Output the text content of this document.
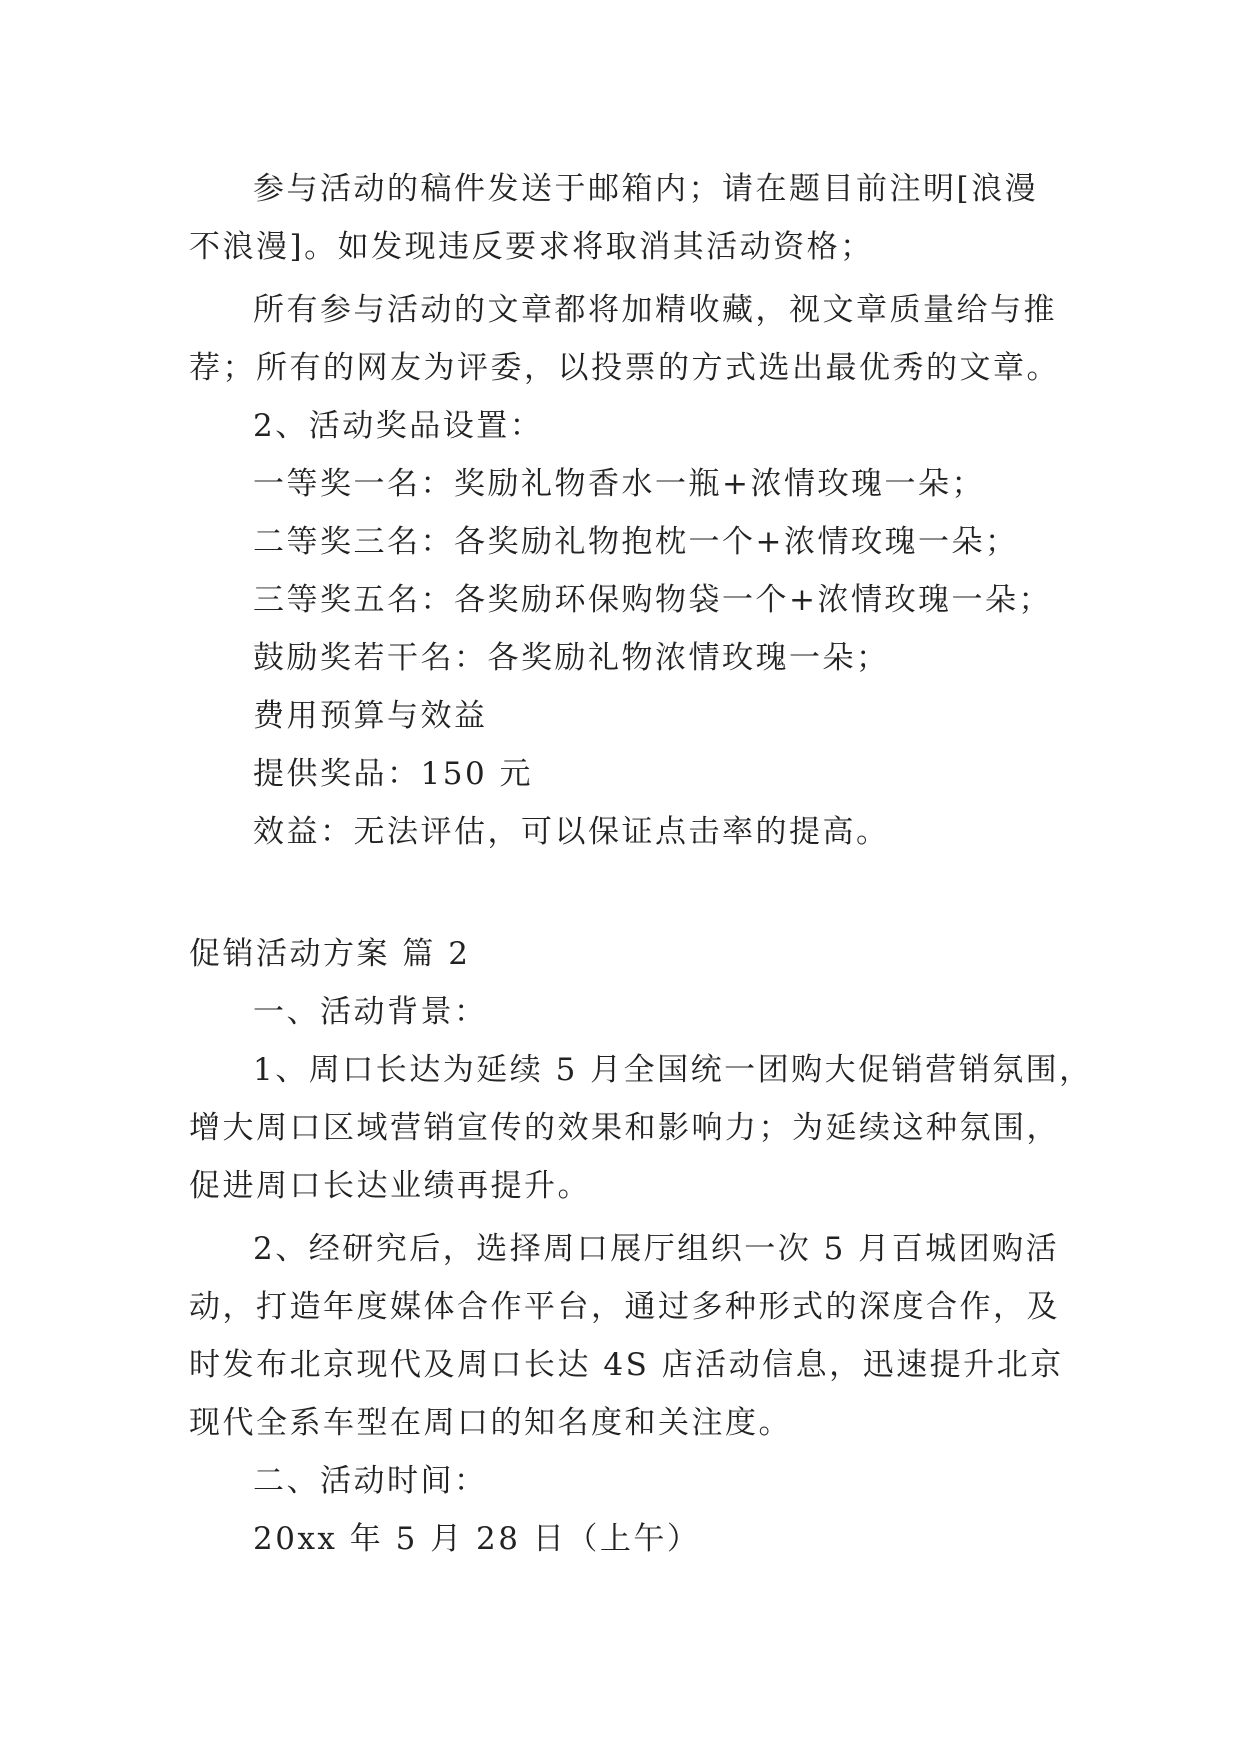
参与活动的稿件发送于邮箱内；请在题目前注明[浪漫
不浪漫]。如发现违反要求将取消其活动资格；
所有参与活动的文章都将加精收藏，视文章质量给与推
荐；所有的网友为评委，以投票的方式选出最优秀的文章。
2、活动奖品设置：
一等奖一名：奖励礼物香水一瓶+浓情玫瑰一朵；
二等奖三名：各奖励礼物抱枕一个+浓情玫瑰一朵；
三等奖五名：各奖励环保购物袋一个+浓情玫瑰一朵；
鼓励奖若干名：各奖励礼物浓情玫瑰一朵；
费用预算与效益
提供奖品：150 元
效益：无法评估，可以保证点击率的提高。
促销活动方案 篇 2
一、活动背景：
1、周口长达为延续 5 月全国统一团购大促销营销氛围，
增大周口区域营销宣传的效果和影响力；为延续这种氛围，
促进周口长达业绩再提升。
2、经研究后，选择周口展厅组织一次 5 月百城团购活
动，打造年度媒体合作平台，通过多种形式的深度合作，及
时发布北京现代及周口长达 4S 店活动信息，迅速提升北京
现代全系车型在周口的知名度和关注度。
二、活动时间：
20xx 年 5 月 28 日（上午）
